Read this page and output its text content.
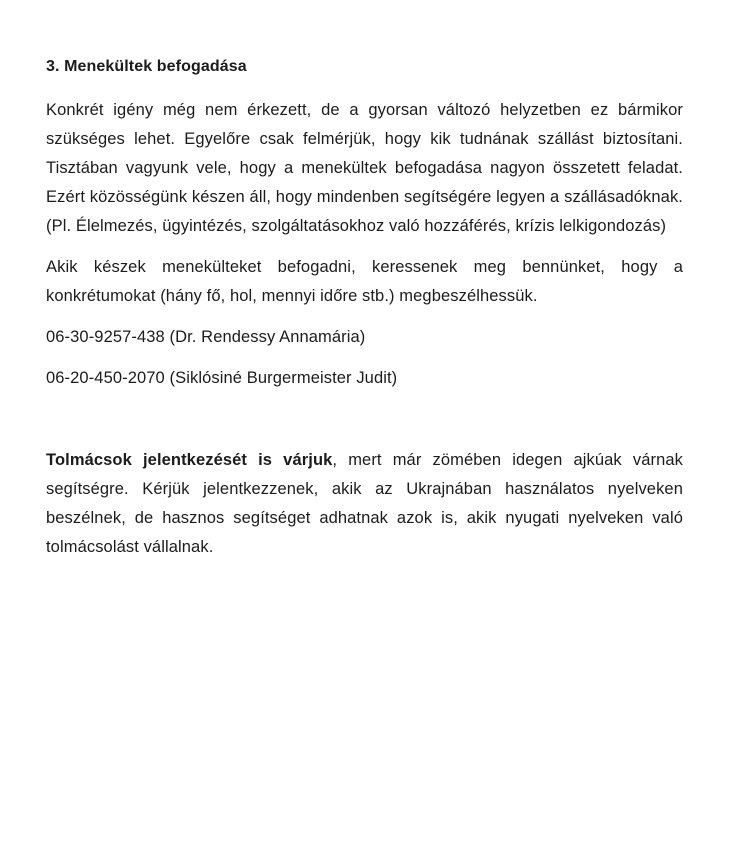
3. Menekültek befogadása

Konkrét igény még nem érkezett, de a gyorsan változó helyzetben ez bármikor szükséges lehet. Egyelőre csak felmérjük, hogy kik tudnának szállást biztosítani. Tisztában vagyunk vele, hogy a menekültek befogadása nagyon összetett feladat. Ezért közösségünk készen áll, hogy mindenben segítségére legyen a szállásadóknak. (Pl. Élelmezés, ügyintézés, szolgáltatásokhoz való hozzáférés, krízis lelkigondozás)

Akik készek menekülteket befogadni, keressenek meg bennünket, hogy a konkrétumokat (hány fő, hol, mennyi időre stb.) megbeszélhessük.

06-30-9257-438 (Dr. Rendessy Annamária)

06-20-450-2070 (Siklósiné Burgermeister Judit)

Tolmácsok jelentkezését is várjuk, mert már zömében idegen ajkúak várnak segítségre. Kérjük jelentkezzenek, akik az Ukrajnában használatos nyelveken beszélnek, de hasznos segítséget adhatnak azok is, akik nyugati nyelveken való tolmácsolást vállalnak.
